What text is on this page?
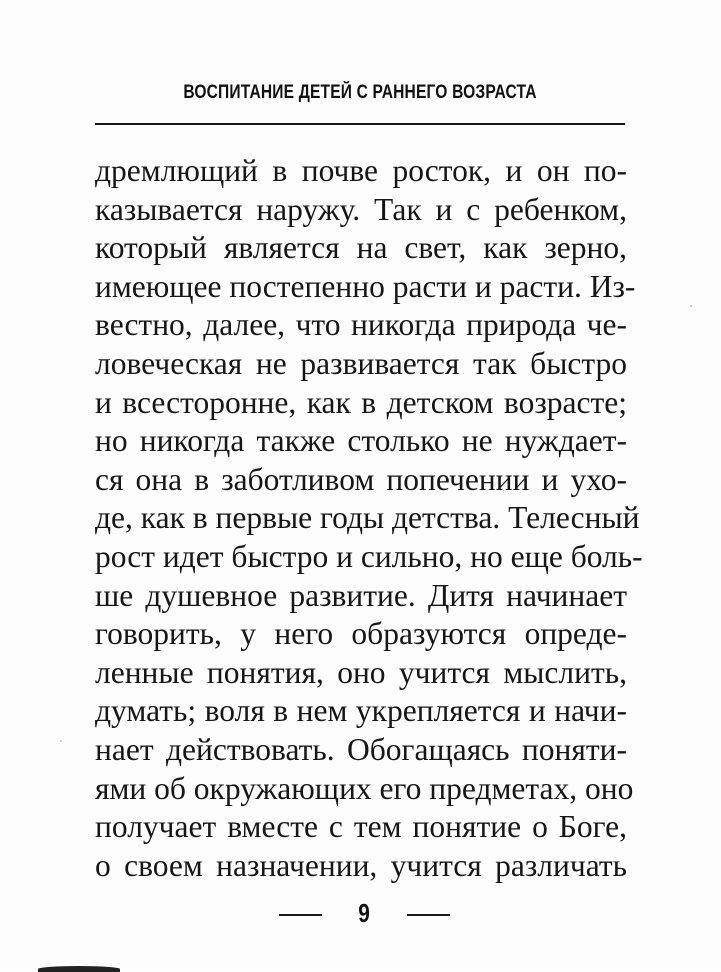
ВОСПИТАНИЕ ДЕТЕЙ С РАННЕГО ВОЗРАСТА
дремлющий в почве росток, и он по-
казывается наружу. Так и с ребенком,
который является на свет, как зерно,
имеющее постепенно расти и расти. Из-
вестно, далее, что никогда природа че-
ловеческая не развивается так быстро
и всесторонне, как в детском возрасте;
но никогда также столько не нуждает-
ся она в заботливом попечении и ухо-
де, как в первые годы детства. Телесный
рост идет быстро и сильно, но еще боль-
ше душевное развитие. Дитя начинает
говорить, у него образуются опреде-
ленные понятия, оно учится мыслить,
думать; воля в нем укрепляется и начи-
нает действовать. Обогащаясь поняти-
ями об окружающих его предметах, оно
получает вместе с тем понятие о Боге,
о своем назначении, учится различать
9
